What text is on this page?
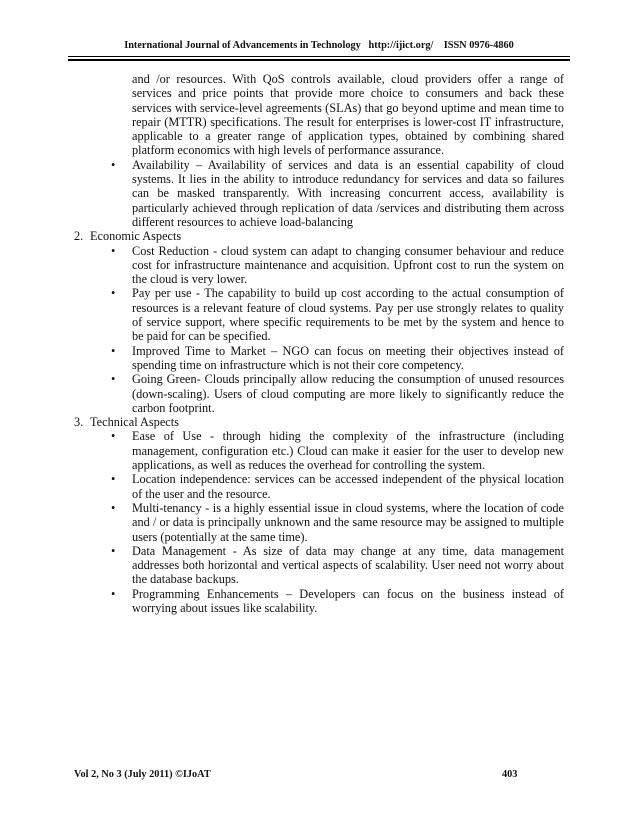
International Journal of Advancements in Technology http://ijict.org/ ISSN 0976-4860
and /or resources. With QoS controls available, cloud providers offer a range of services and price points that provide more choice to consumers and back these services with service-level agreements (SLAs) that go beyond uptime and mean time to repair (MTTR) specifications. The result for enterprises is lower-cost IT infrastructure, applicable to a greater range of application types, obtained by combining shared platform economics with high levels of performance assurance.
• Availability – Availability of services and data is an essential capability of cloud systems. It lies in the ability to introduce redundancy for services and data so failures can be masked transparently. With increasing concurrent access, availability is particularly achieved through replication of data /services and distributing them across different resources to achieve load-balancing
2. Economic Aspects
• Cost Reduction - cloud system can adapt to changing consumer behaviour and reduce cost for infrastructure maintenance and acquisition. Upfront cost to run the system on the cloud is very lower.
• Pay per use - The capability to build up cost according to the actual consumption of resources is a relevant feature of cloud systems. Pay per use strongly relates to quality of service support, where specific requirements to be met by the system and hence to be paid for can be specified.
• Improved Time to Market – NGO can focus on meeting their objectives instead of spending time on infrastructure which is not their core competency.
• Going Green- Clouds principally allow reducing the consumption of unused resources (down-scaling). Users of cloud computing are more likely to significantly reduce the carbon footprint.
3. Technical Aspects
• Ease of Use - through hiding the complexity of the infrastructure (including management, configuration etc.) Cloud can make it easier for the user to develop new applications, as well as reduces the overhead for controlling the system.
• Location independence: services can be accessed independent of the physical location of the user and the resource.
• Multi-tenancy - is a highly essential issue in cloud systems, where the location of code and / or data is principally unknown and the same resource may be assigned to multiple users (potentially at the same time).
• Data Management - As size of data may change at any time, data management addresses both horizontal and vertical aspects of scalability. User need not worry about the database backups.
• Programming Enhancements – Developers can focus on the business instead of worrying about issues like scalability.
Vol 2, No 3 (July 2011) ©IJoAT	403
